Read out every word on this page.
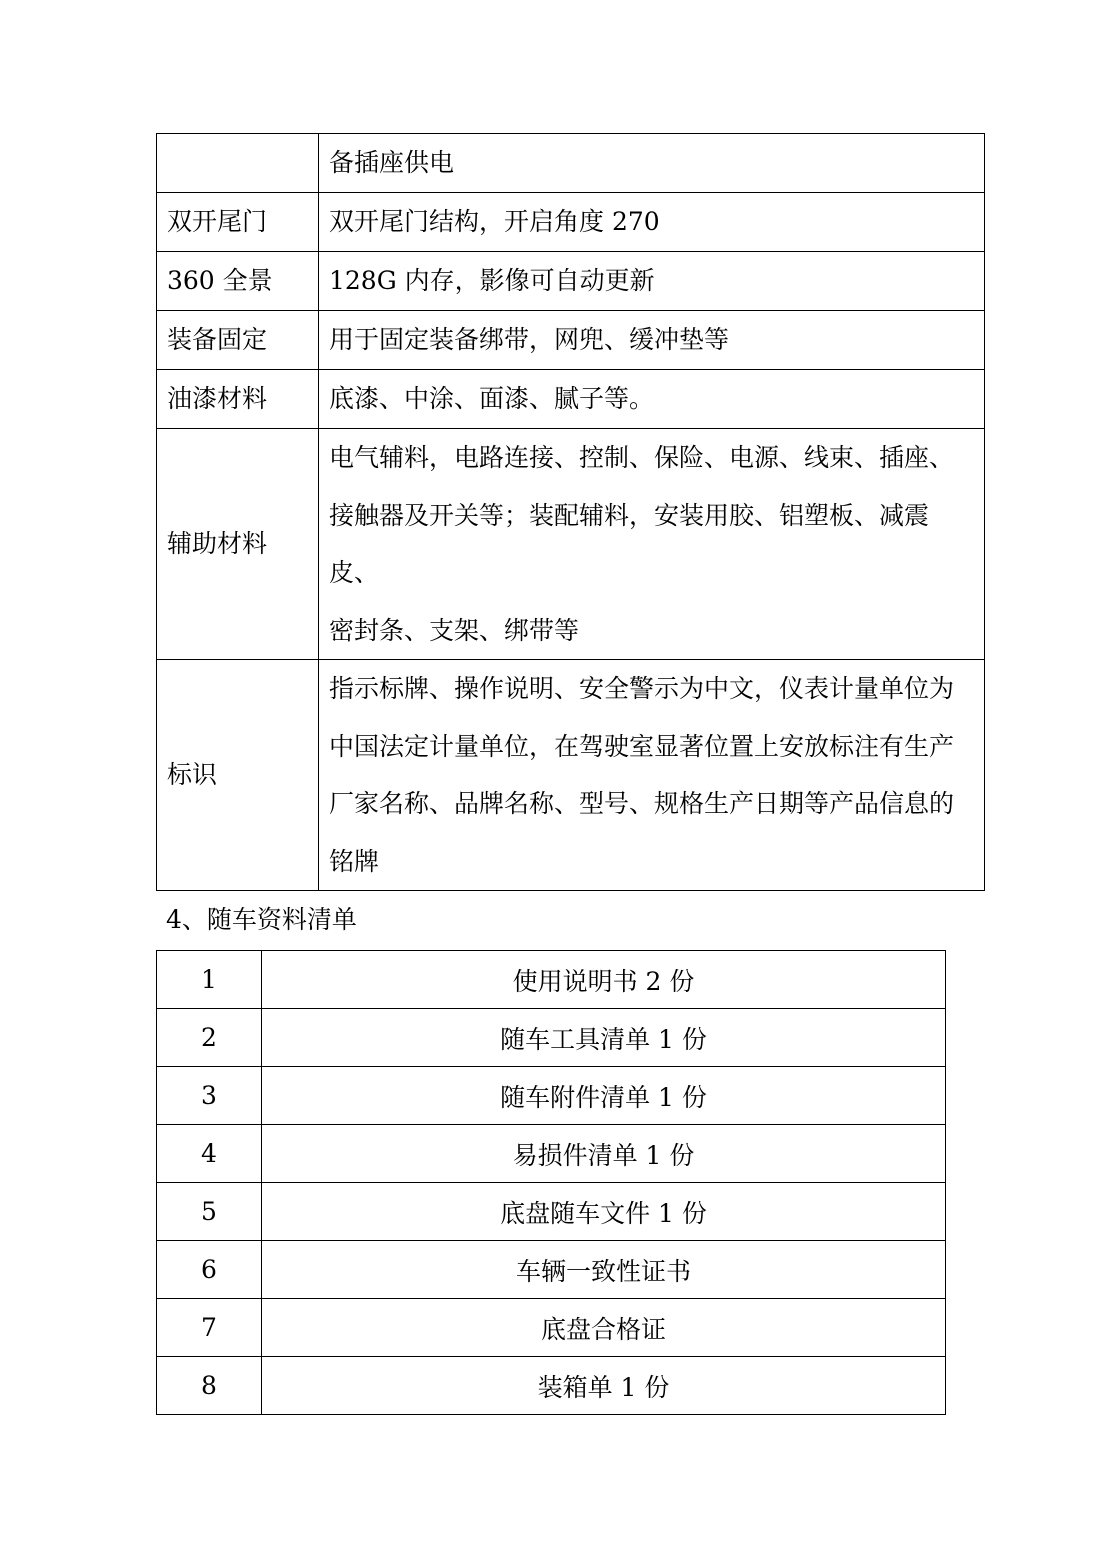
	备插座供电
双开尾门	双开尾门结构，开启角度 270
360 全景	128G 内存，影像可自动更新
装备固定	用于固定装备绑带，网兜、缓冲垫等
油漆材料	底漆、中涂、面漆、腻子等。
辅助材料	电气辅料，电路连接、控制、保险、电源、线束、插座、
接触器及开关等；装配辅料，安装用胶、铝塑板、减震皮、
密封条、支架、绑带等

标识	指示标牌、操作说明、安全警示为中文，仪表计量单位为
中国法定计量单位，在驾驶室显著位置上安放标注有生产
厂家名称、品牌名称、型号、规格生产日期等产品信息的
铭牌
4、随车资料清单
1	使用说明书 2 份
2	随车工具清单 1 份
3	随车附件清单 1 份
4	易损件清单 1 份
5	底盘随车文件 1 份
6	车辆一致性证书
7	底盘合格证
8	装箱单 1 份
